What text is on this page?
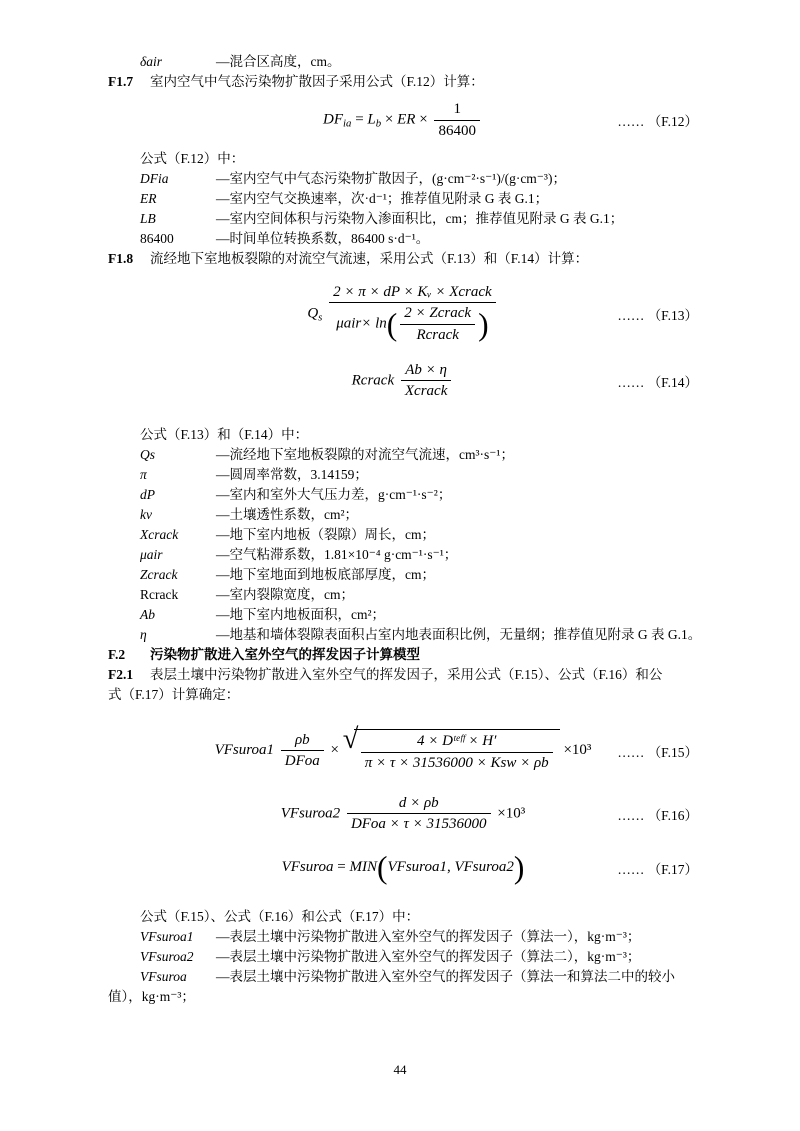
δair	—混合区高度，cm。
F1.7	室内空气中气态污染物扩散因子采用公式（F.12）计算：
$DF_{ia} = L_b$ × ER × $\frac{1}{86400}$	…… （F.12）
公式（F.12）中：
DFia	—室内空气中气态污染物扩散因子，(g·cm⁻²·s⁻¹)/(g·cm⁻³)；
ER	—室内空气交换速率，次·d⁻¹；推荐值见附录 G 表 G.1；
LB	—室内空间体积与污染物入渗面积比，cm；推荐值见附录 G 表 G.1；
86400	—时间单位转换系数，86400 s·d⁻¹。
F1.8	流经地下室地板裂隙的对流空气流速，采用公式（F.13）和（F.14）计算：
$Q_s \frac{\text{2 × π × dP × Kᵥ × Xcrack}}{\mu air\times \ln( \frac{\text{2 × Zcrack}}{\text{Rcrack}} )}$	…… （F.13）
Rcrack $\frac{Ab \times \eta}{\text{Xcrack}}$	…… （F.14）
公式（F.13）和（F.14）中：
Qs	—流经地下室地板裂隙的对流空气流速，cm³·s⁻¹；
π	—圆周率常数，3.14159；
dP	—室内和室外大气压力差，g·cm⁻¹·s⁻²；
kv	—土壤透性系数，cm²；
Xcrack	—地下室内地板（裂隙）周长，cm；
μair	—空气粘滞系数，1.81×10⁻⁴ g·cm⁻¹·s⁻¹；
Zcrack	—地下室地面到地板底部厚度，cm；
Rcrack	—室内裂隙宽度，cm；
Ab	—地下室内地板面积，cm²；
η	—地基和墙体裂隙表面积占室内地表面积比例，无量纲；推荐值见附录 G 表 G.1。
F.2	污染物扩散进入室外空气的挥发因子计算模型
F2.1	表层土壤中污染物扩散进入室外空气的挥发因子，采用公式（F.15）、公式（F.16）和公
式（F.17）计算确定：
VFsuroa1 $\frac{\rho b}{\text{DFoa}}$ × √ $\frac{\text{4 × Dᵗᵉᶠᶠ × H′}}{\text{π × τ × 31536000 × Ksw × ρb}} \times 10^3$ …… （F.15）
VFsuroa2 $\frac{d \times \rho b}{\text{DFoa × τ × 31536000}} \times 10^3$	…… （F.16）
VFsuroa = MIN(VFsuroa1, VFsuroa2)	…… （F.17）
公式（F.15）、公式（F.16）和公式（F.17）中：
VFsuroa1	—表层土壤中污染物扩散进入室外空气的挥发因子（算法一），kg·m⁻³；
VFsuroa2	—表层土壤中污染物扩散进入室外空气的挥发因子（算法二），kg·m⁻³；
VFsuroa	—表层土壤中污染物扩散进入室外空气的挥发因子（算法一和算法二中的较小
值），kg·m⁻³；
44
